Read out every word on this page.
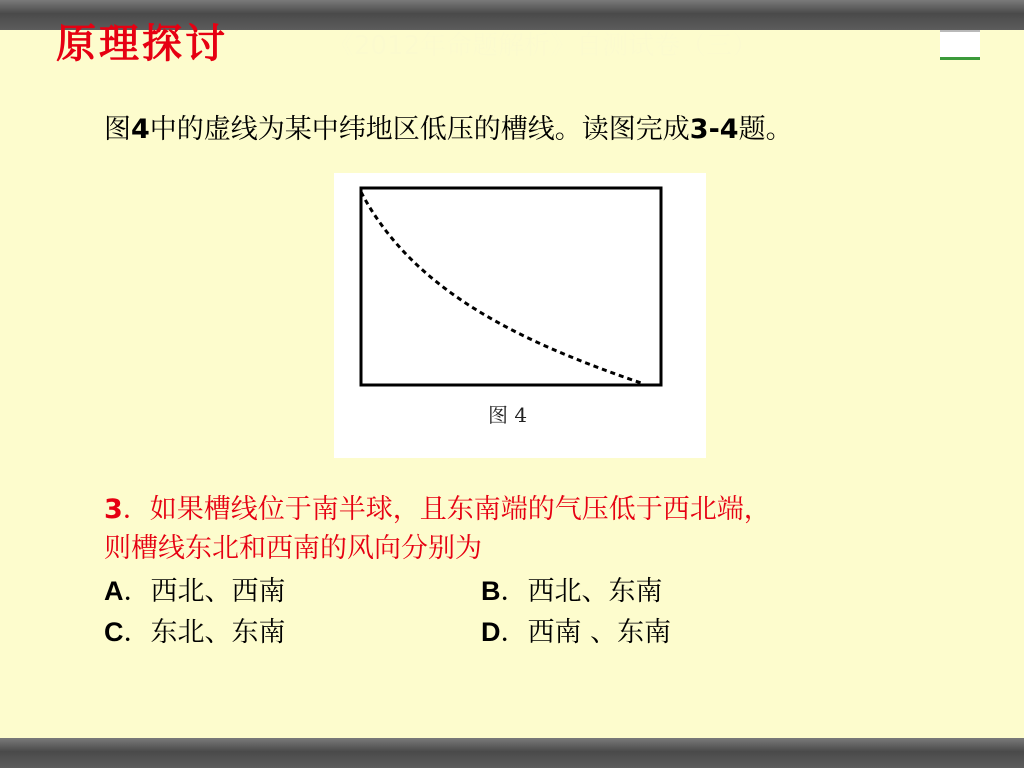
原理探讨	《2012年命题解析》自测试卷（三）
图4中的虚线为某中纬地区低压的槽线。读图完成3-4题。
图 4
3．如果槽线位于南半球，且东南端的气压低于西北端，
则槽线东北和西南的风向分别为
A．西北、西南	B．西北、东南
C．东北、东南	D．西南 、东南
